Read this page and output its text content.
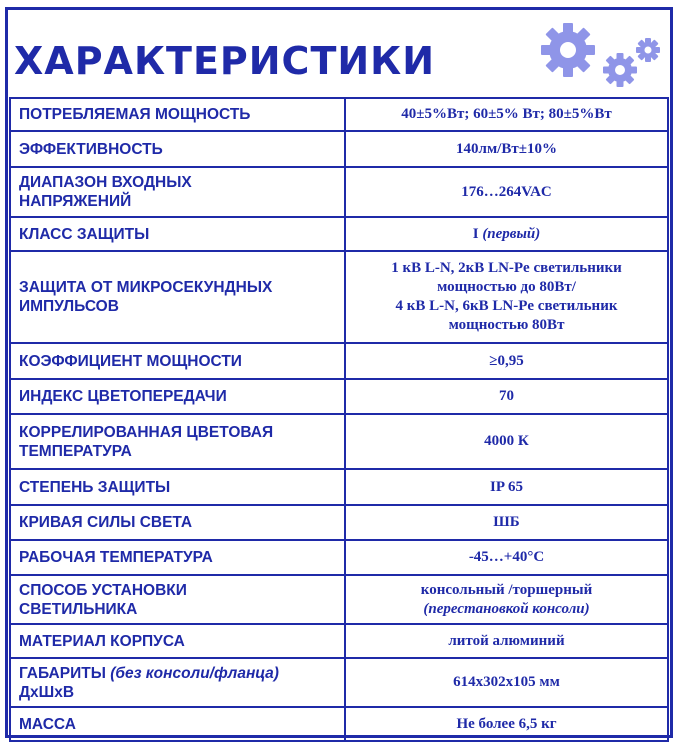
ХАРАКТЕРИСТИКИ
ПОТРЕБЛЯЕМАЯ МОЩНОСТЬ	40±5%Вт; 60±5% Вт; 80±5%Вт
ЭФФЕКТИВНОСТЬ	140лм/Вт±10%
ДИАПАЗОН ВХОДНЫХ
НАПРЯЖЕНИЙ	176…264VAC
КЛАСС ЗАЩИТЫ	I (первый)
ЗАЩИТА ОТ МИКРОСЕКУНДНЫХ
ИМПУЛЬСОВ	1 кВ L-N, 2кВ LN-Pe светильники
мощностью до 80Вт/
4 кВ L-N, 6кВ LN-Pe светильник
мощностью 80Вт
КОЭФФИЦИЕНТ МОЩНОСТИ	≥0,95
ИНДЕКС ЦВЕТОПЕРЕДАЧИ	70
КОРРЕЛИРОВАННАЯ ЦВЕТОВАЯ
ТЕМПЕРАТУРА	4000 К
СТЕПЕНЬ ЗАЩИТЫ	IP 65
КРИВАЯ СИЛЫ СВЕТА	ШБ
РАБОЧАЯ ТЕМПЕРАТУРА	-45…+40°C
СПОСОБ УСТАНОВКИ
СВЕТИЛЬНИКА	консольный /торшерный
(перестановкой консоли)
МАТЕРИАЛ КОРПУСА	литой алюминий
ГАБАРИТЫ (без консоли/фланца)
ДхШхВ	614x302x105 мм
МАССА	Не более 6,5 кг
